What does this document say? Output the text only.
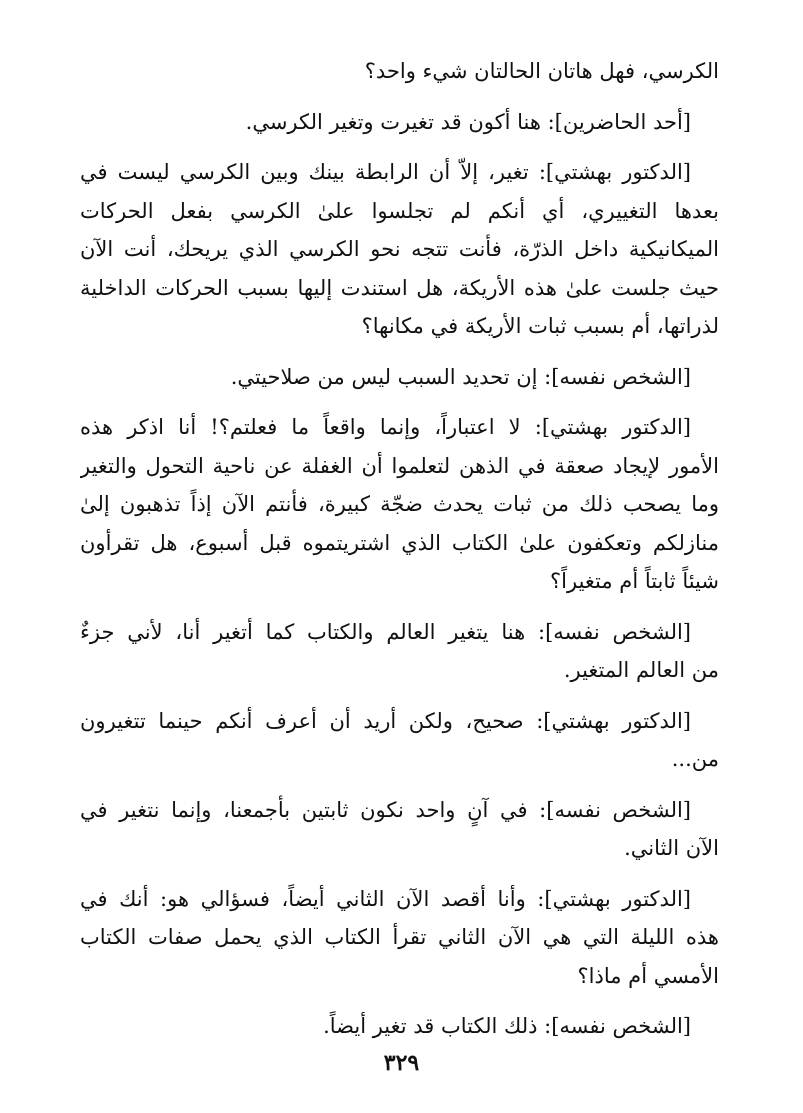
الكرسي، فهل هاتان الحالتان شيء واحد؟
[أحد الحاضرين]: هنا أكون قد تغيرت وتغير الكرسي.
[الدكتور بهشتي]: تغير، إلاّ أن الرابطة بينك وبين الكرسي ليست في
بعدها التغييري، أي أنكم لم تجلسوا علىٰ الكرسي بفعل الحركات
الميكانيكية داخل الذرّة، فأنت تتجه نحو الكرسي الذي يريحك، أنت الآن
حيث جلست علىٰ هذه الأريكة، هل استندت إليها بسبب الحركات الداخلية
لذراتها، أم بسبب ثبات الأريكة في مكانها؟
[الشخص نفسه]: إن تحديد السبب ليس من صلاحيتي.
[الدكتور بهشتي]: لا اعتباراً، وإنما واقعاً ما فعلتم؟! أنا اذكر هذه
الأمور لإيجاد صعقة في الذهن لتعلموا أن الغفلة عن ناحية التحول والتغير
وما يصحب ذلك من ثبات يحدث ضجّة كبيرة، فأنتم الآن إذاً تذهبون إلىٰ
منازلكم وتعكفون علىٰ الكتاب الذي اشتريتموه قبل أسبوع، هل تقرأون
شيئاً ثابتاً أم متغيراً؟
[الشخص نفسه]: هنا يتغير العالم والكتاب كما أتغير أنا، لأني جزءٌ
من العالم المتغير.
[الدكتور بهشتي]: صحيح، ولكن أريد أن أعرف أنكم حينما تتغيرون
من...
[الشخص نفسه]: في آنٍ واحد نكون ثابتين بأجمعنا، وإنما نتغير في
الآن الثاني.
[الدكتور بهشتي]: وأنا أقصد الآن الثاني أيضاً، فسؤالي هو: أنك في
هذه الليلة التي هي الآن الثاني تقرأ الكتاب الذي يحمل صفات الكتاب
الأمسي أم ماذا؟
[الشخص نفسه]: ذلك الكتاب قد تغير أيضاً.
٣٢٩
